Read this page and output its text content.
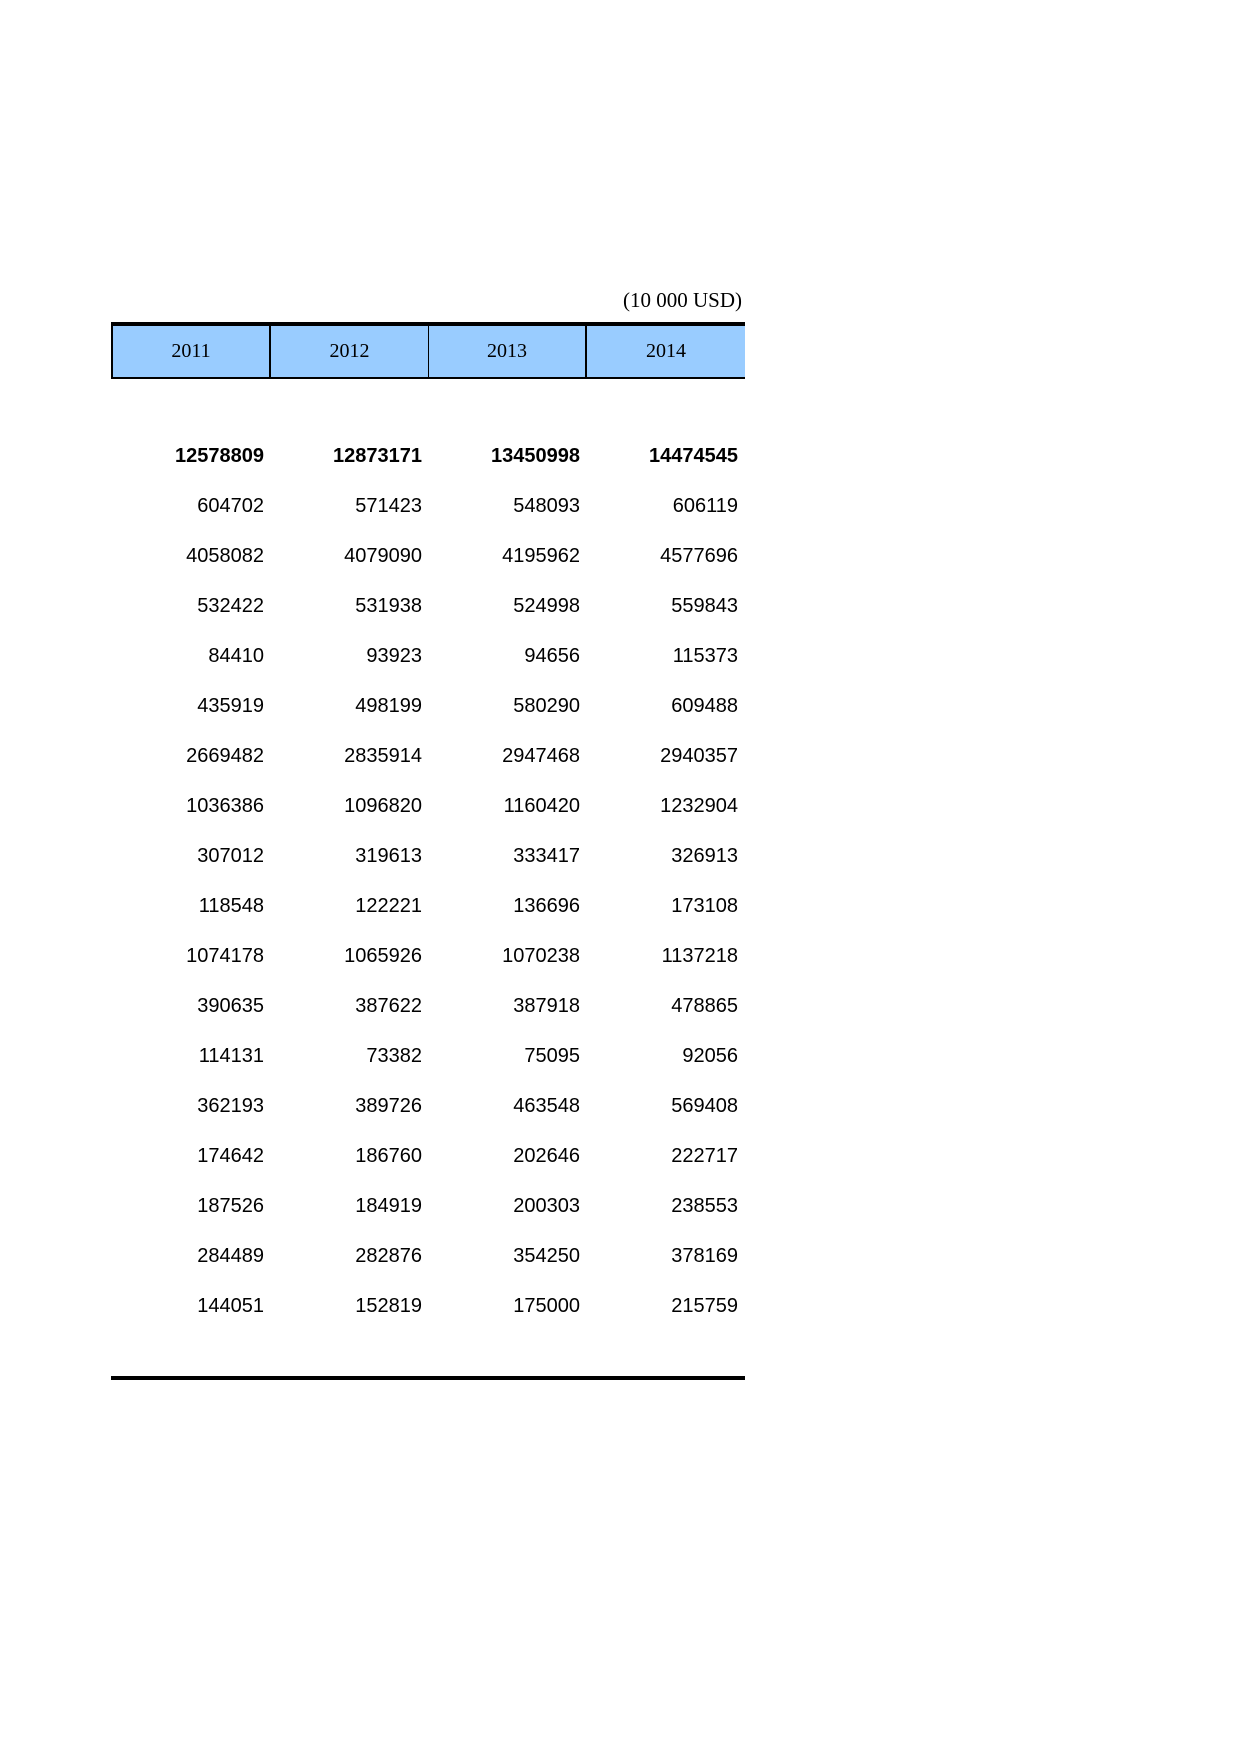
(10 000 USD)
2011	2012	2013	2014
12578809	12873171	13450998	14474545
604702	571423	548093	606119
4058082	4079090	4195962	4577696
532422	531938	524998	559843
84410	93923	94656	115373
435919	498199	580290	609488
2669482	2835914	2947468	2940357
1036386	1096820	1160420	1232904
307012	319613	333417	326913
118548	122221	136696	173108
1074178	1065926	1070238	1137218
390635	387622	387918	478865
114131	73382	75095	92056
362193	389726	463548	569408
174642	186760	202646	222717
187526	184919	200303	238553
284489	282876	354250	378169
144051	152819	175000	215759
